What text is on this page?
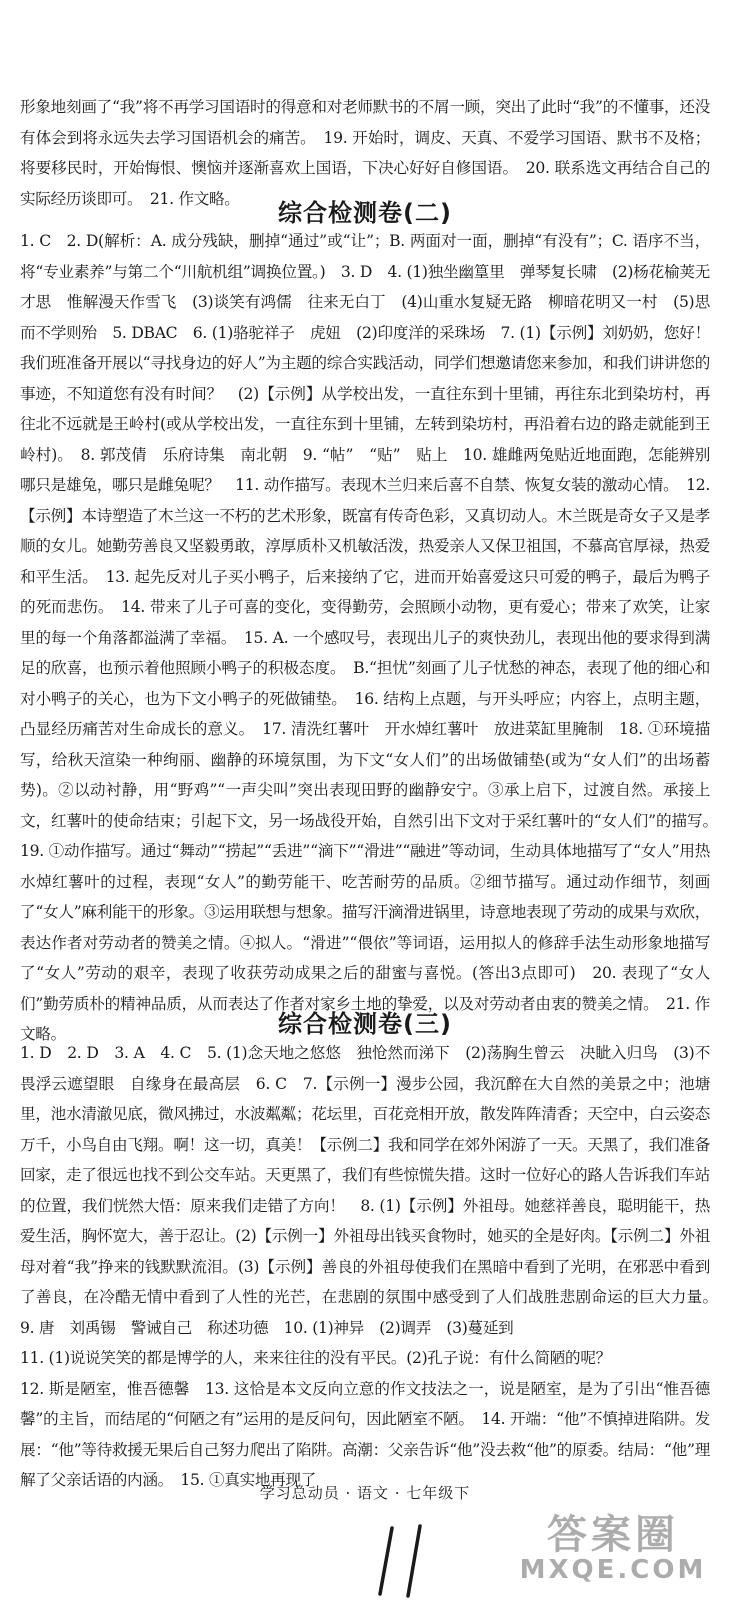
形象地刻画了“我”将不再学习国语时的得意和对老师默书的不屑一顾，突出了此时“我”的不懂事，还没有体会到将永远失去学习国语机会的痛苦。　19. 开始时，调皮、天真、不爱学习国语、默书不及格；将要移民时，开始悔恨、懊恼并逐渐喜欢上国语，下决心好好自修国语。　20. 联系选文再结合自己的实际经历谈即可。　21. 作文略。
综合检测卷(二)
1. C　2. D(解析：A. 成分残缺，删掉“通过”或“让”；B. 两面对一面，删掉“有没有”；C. 语序不当，将“专业素养”与第二个“川航机组”调换位置。)　3. D　4. (1)独坐幽篁里　弹琴复长啸　(2)杨花榆荚无才思　惟解漫天作雪飞　(3)谈笑有鸿儒　往来无白丁　(4)山重水复疑无路　柳暗花明又一村　(5)思而不学则殆　5. DBAC　6. (1)骆驼祥子　虎妞　(2)印度洋的采珠场　7. (1)【示例】刘奶奶，您好！我们班准备开展以“寻找身边的好人”为主题的综合实践活动，同学们想邀请您来参加，和我们讲讲您的事迹，不知道您有没有时间？　(2)【示例】从学校出发，一直往东到十里铺，再往东北到染坊村，再往北不远就是王岭村(或从学校出发，一直往东到十里铺，左转到染坊村，再沿着右边的路走就能到王岭村)。　8. 郭茂倩　乐府诗集　南北朝　9. “帖”　“贴”　贴上　10. 雄雌两兔贴近地面跑，怎能辨别哪只是雄兔，哪只是雌兔呢？　11. 动作描写。表现木兰归来后喜不自禁、恢复女装的激动心情。　12.【示例】本诗塑造了木兰这一不朽的艺术形象，既富有传奇色彩，又真切动人。木兰既是奇女子又是孝顺的女儿。她勤劳善良又坚毅勇敢，淳厚质朴又机敏活泼，热爱亲人又保卫祖国，不慕高官厚禄，热爱和平生活。　13. 起先反对儿子买小鸭子，后来接纳了它，进而开始喜爱这只可爱的鸭子，最后为鸭子的死而悲伤。　14. 带来了儿子可喜的变化，变得勤劳，会照顾小动物，更有爱心；带来了欢笑，让家里的每一个角落都溢满了幸福。　15. A. 一个感叹号，表现出儿子的爽快劲儿，表现出他的要求得到满足的欣喜，也预示着他照顾小鸭子的积极态度。　B.“担忧”刻画了儿子忧愁的神态，表现了他的细心和对小鸭子的关心，也为下文小鸭子的死做铺垫。　16. 结构上点题，与开头呼应；内容上，点明主题，凸显经历痛苦对生命成长的意义。　17. 清洗红薯叶　开水焯红薯叶　放进菜缸里腌制　18. ①环境描写，给秋天渲染一种绚丽、幽静的环境氛围，为下文“女人们”的出场做铺垫(或为“女人们”的出场蓄势)。②以动衬静，用“野鸡”“一声尖叫”突出表现田野的幽静安宁。③承上启下，过渡自然。承接上文，红薯叶的使命结束；引起下文，另一场战役开始，自然引出下文对于采红薯叶的“女人们”的描写。　19. ①动作描写。通过“舞动”“捞起”“丢进”“滴下”“滑进”“融进”等动词，生动具体地描写了“女人”用热水焯红薯叶的过程，表现“女人”的勤劳能干、吃苦耐劳的品质。②细节描写。通过动作细节，刻画了“女人”麻利能干的形象。③运用联想与想象。描写汗滴滑进锅里，诗意地表现了劳动的成果与欢欣，表达作者对劳动者的赞美之情。④拟人。“滑进”“偎依”等词语，运用拟人的修辞手法生动形象地描写了“女人”劳动的艰辛，表现了收获劳动成果之后的甜蜜与喜悦。(答出3点即可)　20. 表现了“女人们”勤劳质朴的精神品质，从而表达了作者对家乡土地的挚爱，以及对劳动者由衷的赞美之情。　21. 作文略。	综合检测卷(三)
1. D　2. D　3. A　4. C　5. (1)念天地之悠悠　独怆然而涕下　(2)荡胸生曾云　决眦入归鸟　(3)不畏浮云遮望眼　自缘身在最高层　6. C　7.【示例一】漫步公园，我沉醉在大自然的美景之中；池塘里，池水清澈见底，微风拂过，水波粼粼；花坛里，百花竞相开放，散发阵阵清香；天空中，白云姿态万千，小鸟自由飞翔。啊！这一切，真美！【示例二】我和同学在郊外闲游了一天。天黑了，我们准备回家，走了很远也找不到公交车站。天更黑了，我们有些惊慌失措。这时一位好心的路人告诉我们车站的位置，我们恍然大悟：原来我们走错了方向！　8. (1)【示例】外祖母。她慈祥善良，聪明能干，热爱生活，胸怀宽大，善于忍让。(2)【示例一】外祖母出钱买食物时，她买的全是好肉。【示例二】外祖母对着“我”挣来的钱默默流泪。(3)【示例】善良的外祖母使我们在黑暗中看到了光明，在邪恶中看到了善良，在冷酷无情中看到了人性的光芒，在悲剧的氛围中感受到了人们战胜悲剧命运的巨大力量。　9. 唐　刘禹锡　警诫自己　称述功德　10. (1)神异　(2)调弄　(3)蔓延到
11. (1)说说笑笑的都是博学的人，来来往往的没有平民。(2)孔子说：有什么简陋的呢？
12. 斯是陋室，惟吾德馨　13. 这恰是本文反向立意的作文技法之一，说是陋室，是为了引出“惟吾德馨”的主旨，而结尾的“何陋之有”运用的是反问句，因此陋室不陋。　14. 开端：“他”不慎掉进陷阱。发展：“他”等待救援无果后自己努力爬出了陷阱。高潮：父亲告诉“他”没去救“他”的原委。结局：“他”理解了父亲话语的内涵。　15. ①真实地再现了
学习总动员 · 语文 · 七年级下
答案圈
MXQE.COM
